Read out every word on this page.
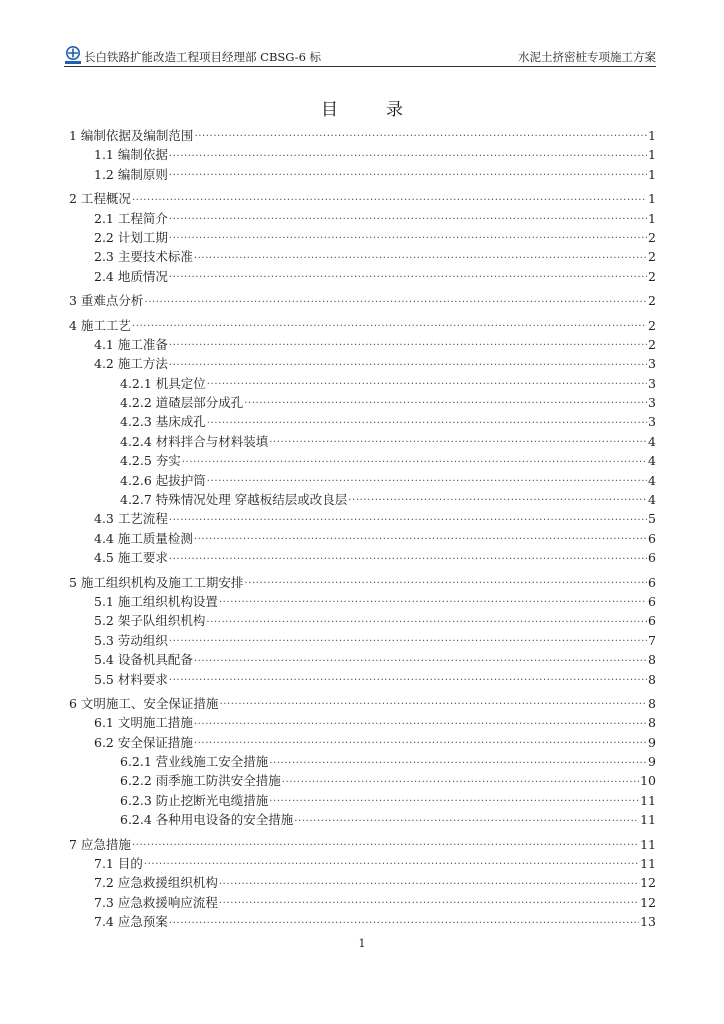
长白铁路扩能改造工程项目经理部 CBSG-6 标	水泥土挤密桩专项施工方案
目	录
1 编制依据及编制范围 .....	1
1.1 编制依据 .....	1
1.2 编制原则 .....	1
2 工程概况 .....	1
2.1 工程简介 .....	1
2.2 计划工期 .....	2
2.3 主要技术标准 .....	2
2.4 地质情况 .....	2
3 重难点分析 .....	2
4 施工工艺 .....	2
4.1 施工准备 .....	2
4.2 施工方法 .....	3
4.2.1 机具定位 .....	3
4.2.2 道碴层部分成孔 .....	3
4.2.3 基床成孔 .....	3
4.2.4 材料拌合与材料装填 .....	4
4.2.5 夯实 .....	4
4.2.6 起拔护筒 .....	4
4.2.7 特殊情况处理 穿越板结层或改良层 .....	4
4.3 工艺流程 .....	5
4.4 施工质量检测 .....	6
4.5 施工要求 .....	6
5 施工组织机构及施工工期安排 .....	6
5.1 施工组织机构设置 .....	6
5.2 架子队组织机构 .....	6
5.3 劳动组织 .....	7
5.4 设备机具配备 .....	8
5.5 材料要求 .....	8
6 文明施工、安全保证措施 .....	8
6.1 文明施工措施 .....	8
6.2 安全保证措施 .....	9
6.2.1 营业线施工安全措施 .....	9
6.2.2 雨季施工防洪安全措施 .....	10
6.2.3 防止挖断光电缆措施 .....	11
6.2.4 各种用电设备的安全措施 .....	11
7 应急措施 .....	11
7.1 目的 .....	11
7.2 应急救援组织机构 .....	12
7.3 应急救援响应流程 .....	12
7.4 应急预案 .....	13
1
